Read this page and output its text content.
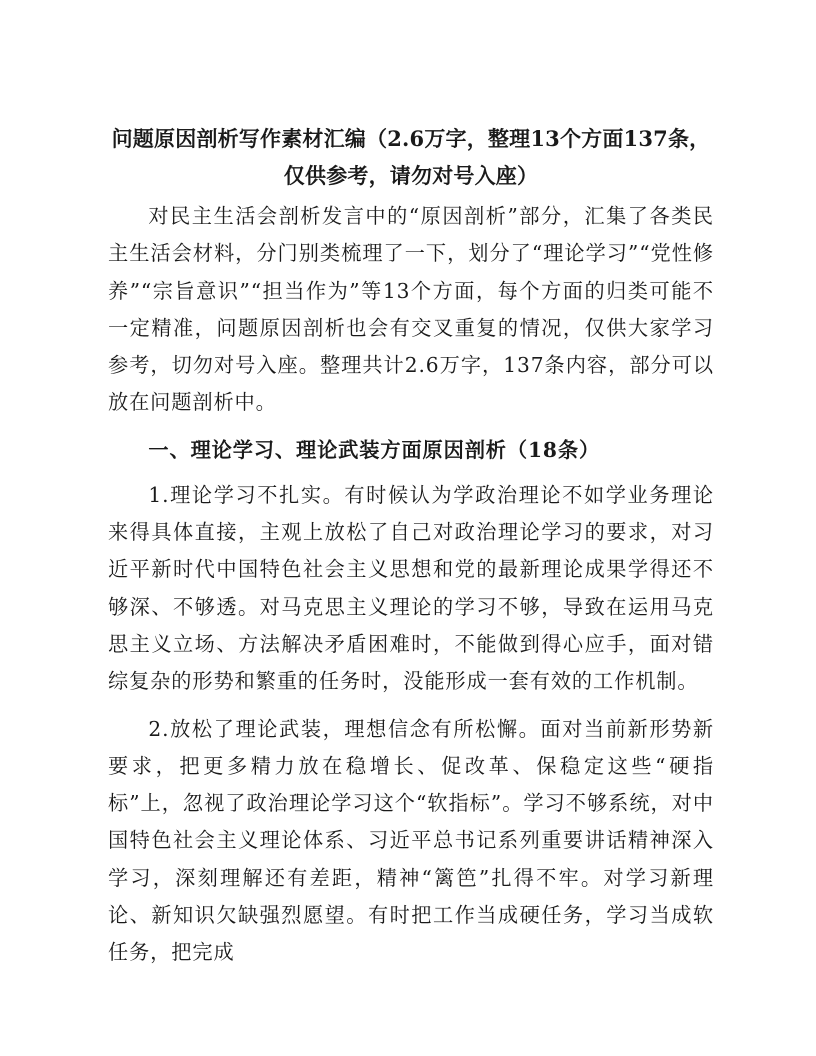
问题原因剖析写作素材汇编（2.6万字，整理13个方面137条，
仅供参考，请勿对号入座）

对民主生活会剖析发言中的“原因剖析”部分，汇集了各类民主生活会材料，分门别类梳理了一下，划分了“理论学习”“党性修养”“宗旨意识”“担当作为”等13个方面，每个方面的归类可能不一定精准，问题原因剖析也会有交叉重复的情况，仅供大家学习参考，切勿对号入座。整理共计2.6万字，137条内容，部分可以放在问题剖析中。

一、理论学习、理论武装方面原因剖析（18条）

1.理论学习不扎实。有时候认为学政治理论不如学业务理论来得具体直接，主观上放松了自己对政治理论学习的要求，对习近平新时代中国特色社会主义思想和党的最新理论成果学得还不够深、不够透。对马克思主义理论的学习不够，导致在运用马克思主义立场、方法解决矛盾困难时，不能做到得心应手，面对错综复杂的形势和繁重的任务时，没能形成一套有效的工作机制。

2.放松了理论武装，理想信念有所松懈。面对当前新形势新要求，把更多精力放在稳增长、促改革、保稳定这些“硬指标”上，忽视了政治理论学习这个“软指标”。学习不够系统，对中国特色社会主义理论体系、习近平总书记系列重要讲话精神深入学习，深刻理解还有差距，精神“篱笆”扎得不牢。对学习新理论、新知识欠缺强烈愿望。有时把工作当成硬任务，学习当成软任务，把完成
